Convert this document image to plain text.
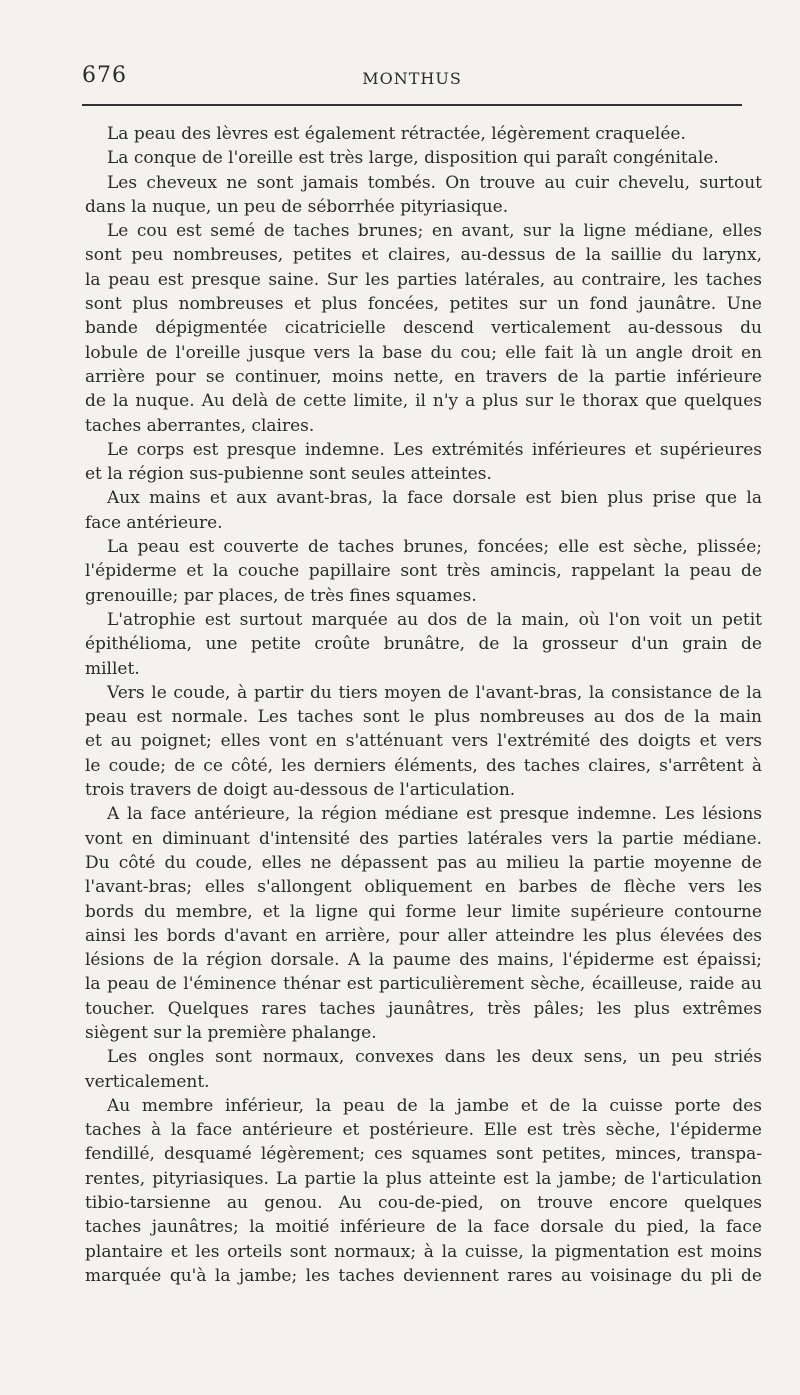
676	MONTHUS
La peau des lèvres est également rétractée, légèrement craquelée.
La conque de l'oreille est très large, disposition qui paraît congénitale.
Les cheveux ne sont jamais tombés. On trouve au cuir chevelu, surtout
dans la nuque, un peu de séborrhée pityriasique.
Le cou est semé de taches brunes; en avant, sur la ligne médiane, elles
sont peu nombreuses, petites et claires, au-dessus de la saillie du larynx,
la peau est presque saine. Sur les parties latérales, au contraire, les taches
sont plus nombreuses et plus foncées, petites sur un fond jaunâtre. Une
bande dépigmentée cicatricielle descend verticalement au-dessous du
lobule de l'oreille jusque vers la base du cou; elle fait là un angle droit en
arrière pour se continuer, moins nette, en travers de la partie inférieure
de la nuque. Au delà de cette limite, il n'y a plus sur le thorax que quelques
taches aberrantes, claires.
Le corps est presque indemne. Les extrémités inférieures et supérieures
et la région sus-pubienne sont seules atteintes.
Aux mains et aux avant-bras, la face dorsale est bien plus prise que la
face antérieure.
La peau est couverte de taches brunes, foncées; elle est sèche, plissée;
l'épiderme et la couche papillaire sont très amincis, rappelant la peau de
grenouille; par places, de très fines squames.
L'atrophie est surtout marquée au dos de la main, où l'on voit un petit
épithélioma, une petite croûte brunâtre, de la grosseur d'un grain de
millet.
Vers le coude, à partir du tiers moyen de l'avant-bras, la consistance de la
peau est normale. Les taches sont le plus nombreuses au dos de la main
et au poignet; elles vont en s'atténuant vers l'extrémité des doigts et vers
le coude; de ce côté, les derniers éléments, des taches claires, s'arrêtent à
trois travers de doigt au-dessous de l'articulation.
A la face antérieure, la région médiane est presque indemne. Les lésions
vont en diminuant d'intensité des parties latérales vers la partie médiane.
Du côté du coude, elles ne dépassent pas au milieu la partie moyenne de
l'avant-bras; elles s'allongent obliquement en barbes de flèche vers les
bords du membre, et la ligne qui forme leur limite supérieure contourne
ainsi les bords d'avant en arrière, pour aller atteindre les plus élevées des
lésions de la région dorsale. A la paume des mains, l'épiderme est épaissi;
la peau de l'éminence thénar est particulièrement sèche, écailleuse, raide au
toucher. Quelques rares taches jaunâtres, très pâles; les plus extrêmes
siègent sur la première phalange.
Les ongles sont normaux, convexes dans les deux sens, un peu striés
verticalement.
Au membre inférieur, la peau de la jambe et de la cuisse porte des
taches à la face antérieure et postérieure. Elle est très sèche, l'épiderme
fendillé, desquamé légèrement; ces squames sont petites, minces, transpa-
rentes, pityriasiques. La partie la plus atteinte est la jambe; de l'articulation
tibio-tarsienne au genou. Au cou-de-pied, on trouve encore quelques
taches jaunâtres; la moitié inférieure de la face dorsale du pied, la face
plantaire et les orteils sont normaux; à la cuisse, la pigmentation est moins
marquée qu'à la jambe; les taches deviennent rares au voisinage du pli de
